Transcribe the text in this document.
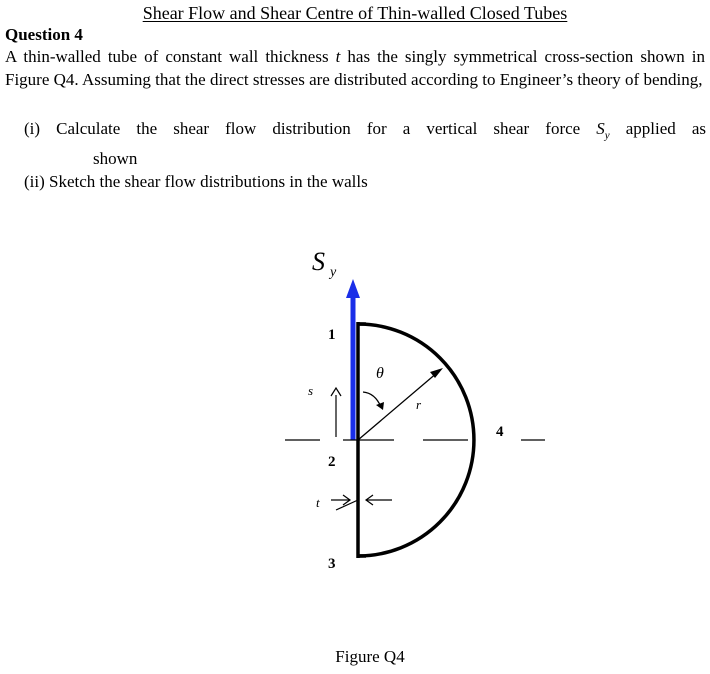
Shear Flow and Shear Centre of Thin-walled Closed Tubes
Question 4
A thin-walled tube of constant wall thickness t has the singly symmetrical cross-section shown in Figure Q4. Assuming that the direct stresses are distributed according to Engineer’s theory of bending,
(i) Calculate the shear flow distribution for a vertical shear force $S_y$ applied as
shown
(ii) Sketch the shear flow distributions in the walls
S y
1
2
3
4
θ
r
s
t
Figure Q4
